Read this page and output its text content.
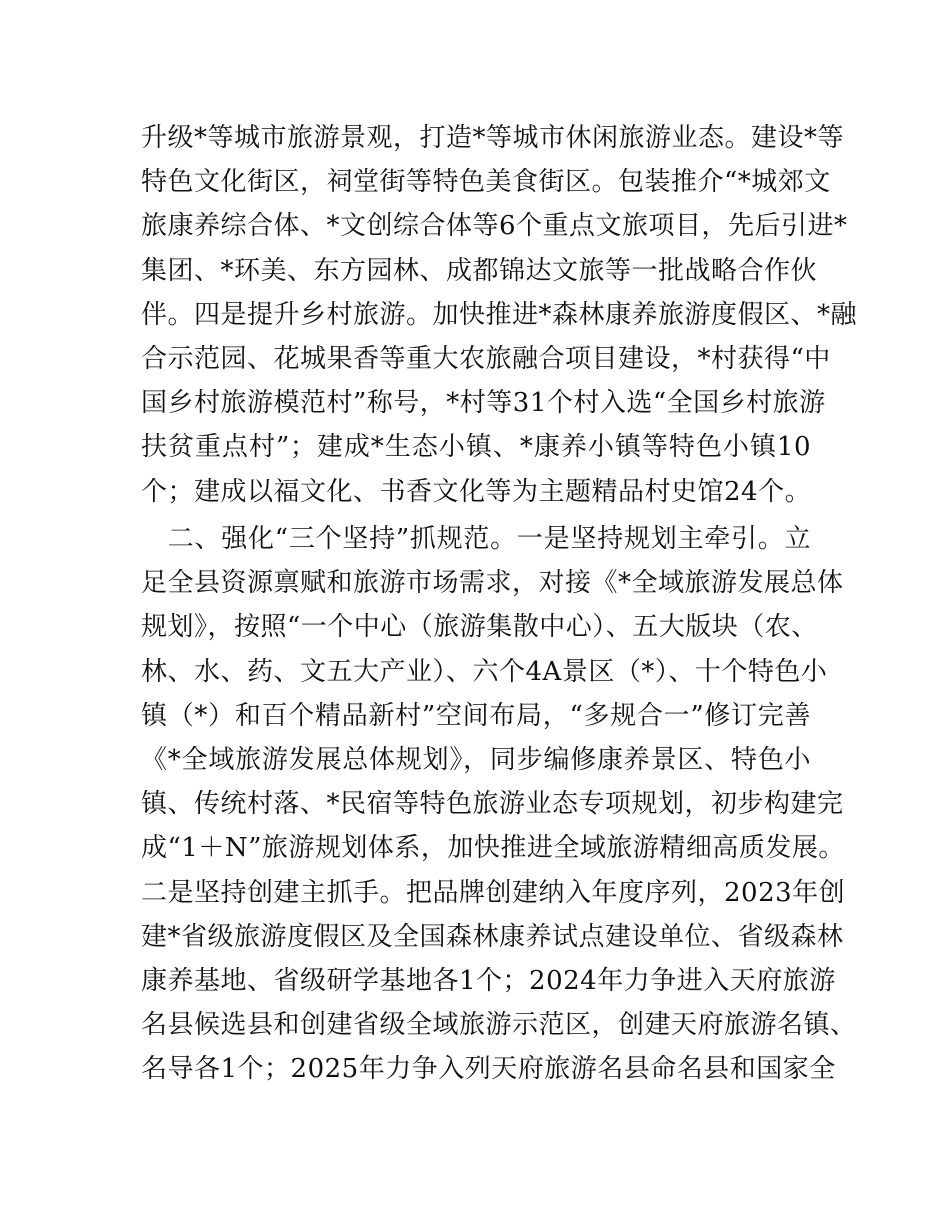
升级*等城市旅游景观，打造*等城市休闲旅游业态。建设*等
特色文化街区，祠堂街等特色美食街区。包装推介“*城郊文
旅康养综合体、*文创综合体等6个重点文旅项目，先后引进*
集团、*环美、东方园林、成都锦达文旅等一批战略合作伙
伴。四是提升乡村旅游。加快推进*森林康养旅游度假区、*融
合示范园、花城果香等重大农旅融合项目建设，*村获得“中
国乡村旅游模范村”称号，*村等31个村入选“全国乡村旅游
扶贫重点村”；建成*生态小镇、*康养小镇等特色小镇10
个；建成以福文化、书香文化等为主题精品村史馆24个。
　二、强化“三个坚持”抓规范。一是坚持规划主牵引。立
足全县资源禀赋和旅游市场需求，对接《*全域旅游发展总体
规划》，按照“一个中心（旅游集散中心）、五大版块（农、
林、水、药、文五大产业）、六个4A景区（*）、十个特色小
镇（*）和百个精品新村”空间布局，“多规合一”修订完善
《*全域旅游发展总体规划》，同步编修康养景区、特色小
镇、传统村落、*民宿等特色旅游业态专项规划，初步构建完
成“1＋N”旅游规划体系，加快推进全域旅游精细高质发展。
二是坚持创建主抓手。把品牌创建纳入年度序列，2023年创
建*省级旅游度假区及全国森林康养试点建设单位、省级森林
康养基地、省级研学基地各1个；2024年力争进入天府旅游
名县候选县和创建省级全域旅游示范区，创建天府旅游名镇、
名导各1个；2025年力争入列天府旅游名县命名县和国家全
